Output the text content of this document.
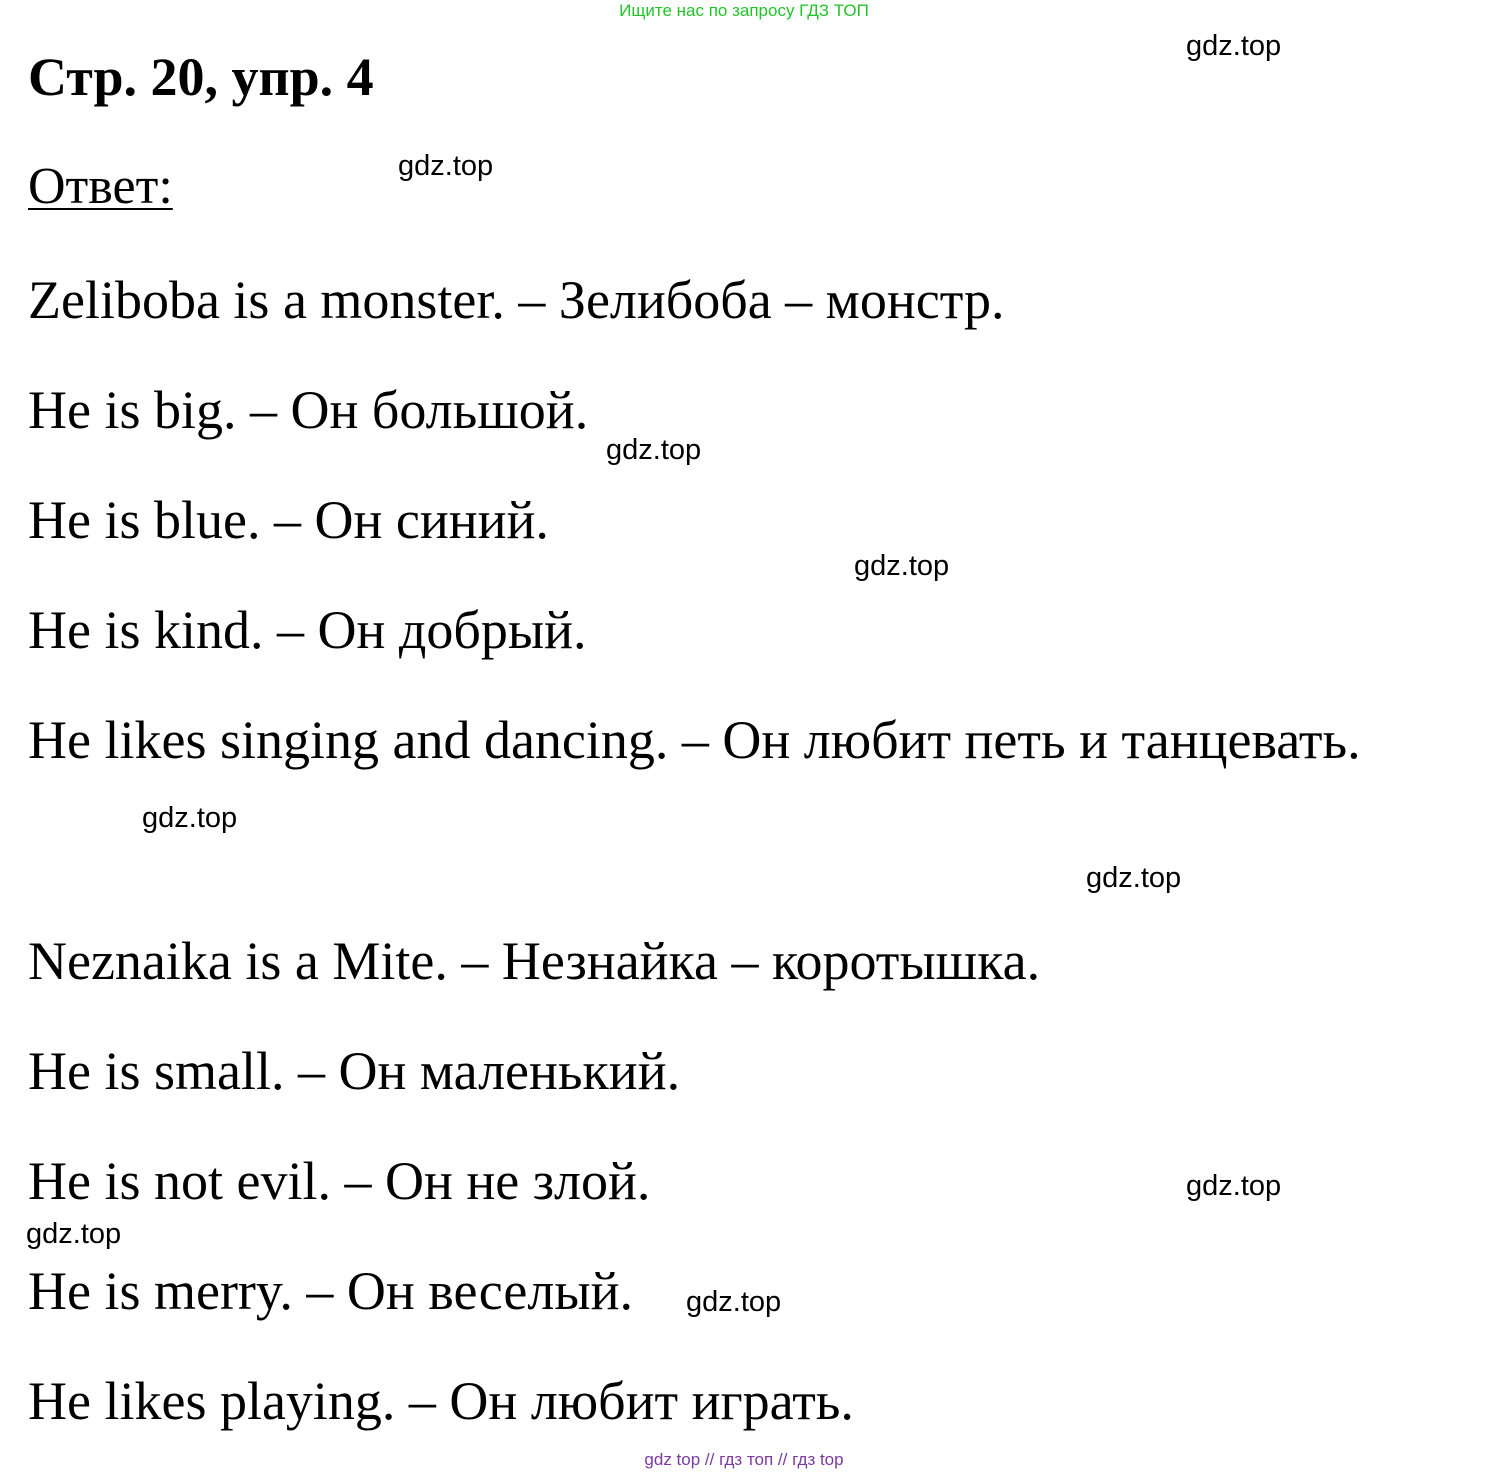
Ищите нас по запросу ГДЗ ТОП
Стр. 20, упр. 4
Ответ:

Zeliboba is a monster. – Зелибоба – монстр.

He is big. – Он большой.

He is blue. – Он синий.

He is kind. – Он добрый.

He likes singing and dancing. – Он любит петь и танцевать.

Neznaika is a Mite. – Незнайка – коротышка.

He is small. – Он маленький.

He is not evil. – Он не злой.

He is merry. – Он веселый.

He likes playing. – Он любит играть.

gdz.top
gdz.top
gdz.top
gdz.top
gdz.top
gdz.top
gdz.top
gdz.top
gdz.top
gdz top // гдз топ // гдз top
